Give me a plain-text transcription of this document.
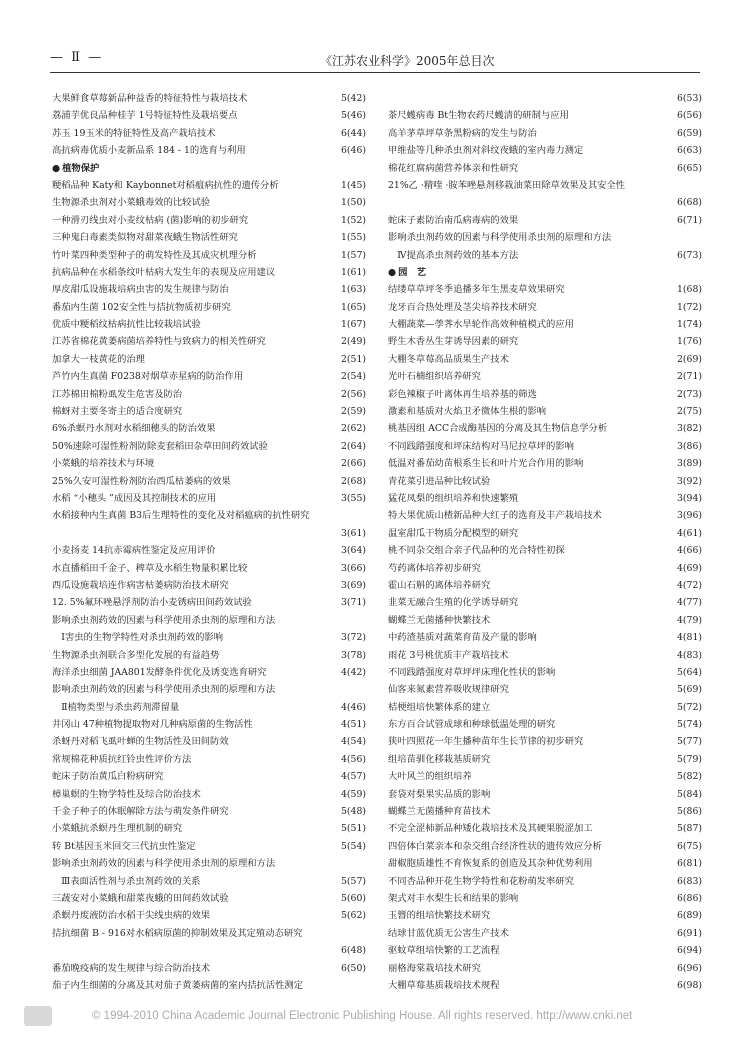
— Ⅱ —	《江苏农业科学》2005年总目次
大果鲜食草莓新品种益香的特征特性与栽培技术	5(42)
荔浦芋优良品种桂芋 1号特征特性及栽培要点	5(46)
苏玉 19玉米的特征特性及高产栽培技术	6(44)
高抗病毒优质小麦新品系 184 - 1的选育与利用	6(46)
● 植物保护
粳稻品种 Katy和 Kaybonnet对稻瘟病抗性的遗传分析	1(45)
生物源杀虫剂对小菜蛾毒效的比较试验	1(50)
一种滑刃线虫对小麦纹枯病 (菌)影响的初步研究	1(52)
三种鬼臼毒素类似物对甜菜夜蛾生物活性研究	1(55)
竹叶菜四种类型种子的萌发特性及其成灾机理分析	1(57)
抗病品种在水稻条纹叶枯病大发生年的表现及应用建议	1(61)
厚皮甜瓜设施栽培病虫害的发生规律与防治	1(63)
番茄内生菌 102安全性与拮抗物质初步研究	1(65)
优质中粳稻纹枯病抗性比较栽培试验	1(67)
江苏省棉花黄萎病菌培养特性与致病力的相关性研究	2(49)
加拿大一枝黄花的治理	2(51)
芦竹内生真菌 F0238对烟草赤星病的防治作用	2(54)
江苏棉田棉粉虱发生危害及防治	2(56)
棉蚜对主要冬寄主的适合度研究	2(59)
6%杀螟丹水剂对水稻细穗头的防治效果	2(62)
50%速除可湿性粉剂防除麦套稻田杂草田间药效试验	2(64)
小菜蛾的培养技术与环境	2(66)
25%久安可湿性粉剂防治西瓜枯萎病的效果	2(68)
水稻 “小穗头 ”成因及其控制技术的应用	3(55)
水稻接种内生真菌 B3后生理特性的变化及对稻瘟病的抗性研究
3(61)
小麦扬麦 14抗赤霉病性鉴定及应用评价	3(64)
水直播稻田千金子、稗草及水稻生物量积累比较	3(66)
西瓜设施栽培连作病害枯萎病防治技术研究	3(69)
12. 5%氟环唑悬浮剂防治小麦锈病田间药效试验	3(71)
影响杀虫剂药效的因素与科学使用杀虫剂的原理和方法
　Ⅰ害虫的生物学特性对杀虫剂药效的影响	3(72)
生物源杀虫剂联合多型化发展的有益趋势	3(78)
海洋杀虫细菌 JAA801发酵条件优化及诱变选育研究	4(42)
影响杀虫剂药效的因素与科学使用杀虫剂的原理和方法
　Ⅱ植物类型与杀虫药剂滞留量	4(46)
井冈山 47种植物提取物对几种病原菌的生物活性	4(51)
杀蚜丹对稻飞虱叶蝉的生物活性及田间防效	4(54)
常规棉花种质抗红铃虫性评价方法	4(56)
蛇床子防治黄瓜白粉病研究	4(57)
樟巢螟的生物学特性及综合防治技术	4(59)
千金子种子的休眠解除方法与萌发条件研究	5(48)
小菜蛾抗杀螟丹生理机制的研究	5(51)
转 Bt基因玉米回交三代抗虫性鉴定	5(54)
影响杀虫剂药效的因素与科学使用杀虫剂的原理和方法
　Ⅲ表面活性剂与杀虫剂药效的关系	5(57)
三蔬安对小菜蛾和甜菜夜蛾的田间药效试验	5(60)
杀螟丹废液防治水稻干尖线虫病的效果	5(62)
拮抗细菌 B - 916对水稻病原菌的抑制效果及其定殖动态研究
6(48)
番茄晚疫病的发生规律与综合防治技术	6(50)
茄子内生细菌的分离及其对茄子黄萎病菌的室内拮抗活性测定
6(53)
茶尺蠖病毒 Bt生物农药尺蠖清的研制与应用	6(56)
高羊茅草坪草条黑粉病的发生与防治	6(59)
甲维盐等几种杀虫剂对斜纹夜蛾的室内毒力测定	6(63)
棉花红腐病菌营养体亲和性研究	6(65)
21%乙 ·精喹 ·胺苯唑悬剂移栽油菜田除草效果及其安全性
6(68)
蛇床子素防治南瓜病毒病的效果	6(71)
影响杀虫剂药效的因素与科学使用杀虫剂的原理和方法
　Ⅳ提高杀虫剂药效的基本方法	6(73)
● 园　艺
结缕草草坪冬季追播多年生黑麦草效果研究	1(68)
龙牙百合热处理及茎尖培养技术研究	1(72)
大棚蔬菜—荸荠水旱轮作高效种植模式的应用	1(74)
野生木香丛生芽诱导因素的研究	1(76)
大棚冬草莓高品质果生产技术	2(69)
光叶石楠组织培养研究	2(71)
彩色辣椒子叶离体再生培养基的筛选	2(73)
激素和基质对火焰卫矛微体生根的影响	2(75)
桃基因组 ACC合成酶基因的分离及其生物信息学分析	3(82)
不同践踏强度和坪床结构对马尼拉草坪的影响	3(86)
低温对番茄幼苗根系生长和叶片光合作用的影响	3(89)
青花菜引进品种比较试验	3(92)
猛花凤梨的组织培养和快速繁殖	3(94)
特大果优质山楂新品种大红子的选育及丰产栽培技术	3(96)
温室甜瓜干物质分配模型的研究	4(61)
桃不同杂交组合亲子代品种的光合特性初探	4(66)
芍药离体培养初步研究	4(69)
霍山石斛的离体培养研究	4(72)
韭菜无融合生殖的化学诱导研究	4(77)
蝴蝶兰无菌播种快繁技术	4(79)
中药渣基质对蔬菜育苗及产量的影响	4(81)
雨花 3号桃优质丰产栽培技术	4(83)
不同践踏强度对草坪坪床理化性状的影响	5(64)
仙客来氮素营养吸收规律研究	5(69)
桔梗组培快繁体系的建立	5(72)
东方百合试管成球和种球低温处理的研究	5(74)
狭叶四照花一年生播种苗年生长节律的初步研究	5(77)
组培苗驯化移栽基质研究	5(79)
大叶风兰的组织培养	5(82)
套袋对梨果实品质的影响	5(84)
蝴蝶兰无菌播种育苗技术	5(86)
不完全涩柿新品种矮化栽培技术及其硬果脱涩加工	5(87)
四倍体白菜亲本和杂交组合经济性状的遗传效应分析	6(75)
甜椒胞质雄性不育恢复系的创造及其杂种优势利用	6(81)
不同杏品种开花生物学特性和花粉萌发率研究	6(83)
架式对丰水梨生长和结果的影响	6(86)
玉簪的组培快繁技术研究	6(89)
结球甘蓝优质无公害生产技术	6(91)
驱蚊草组培快繁的工艺流程	6(94)
丽格海棠栽培技术研究	6(96)
大棚草莓基质栽培技术规程	6(98)
© 1994-2010 China Academic Journal Electronic Publishing House. All rights reserved. http://www.cnki.net
